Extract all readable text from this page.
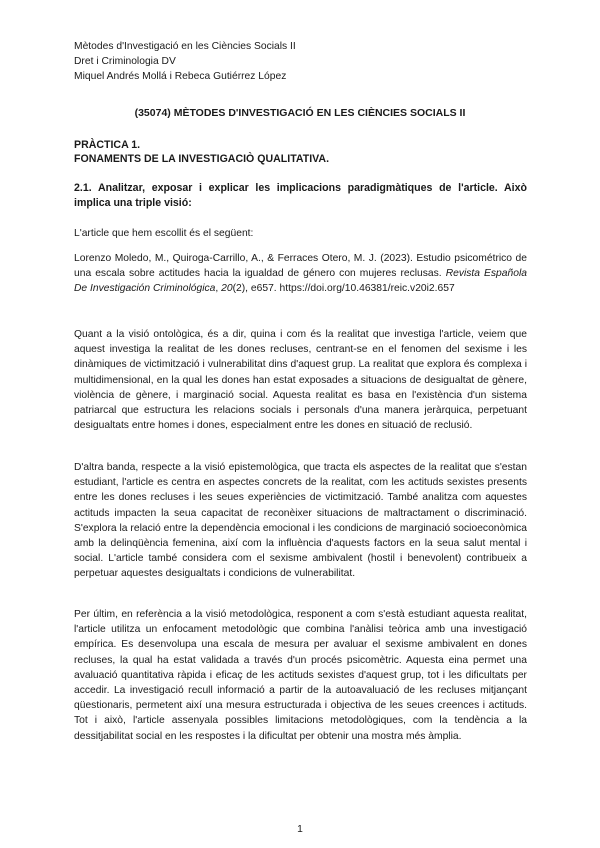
Mètodes d'Investigació en les Ciències Socials II
Dret i Criminologia DV
Miquel Andrés Mollá i Rebeca Gutiérrez López
(35074) MÈTODES D'INVESTIGACIÓ EN LES CIÈNCIES SOCIALS II
PRÀCTICA 1.
FONAMENTS DE LA INVESTIGACIÒ QUALITATIVA.
2.1. Analitzar, exposar i explicar les implicacions paradigmàtiques de l'article. Això implica una triple visió:
L'article que hem escollit és el següent:
Lorenzo Moledo, M., Quiroga-Carrillo, A., & Ferraces Otero, M. J. (2023). Estudio psicométrico de una escala sobre actitudes hacia la igualdad de género con mujeres reclusas. Revista Española De Investigación Criminológica, 20(2), e657. https://doi.org/10.46381/reic.v20i2.657
Quant a la visió ontològica, és a dir, quina i com és la realitat que investiga l'article, veiem que aquest investiga la realitat de les dones recluses, centrant-se en el fenomen del sexisme i les dinàmiques de victimització i vulnerabilitat dins d'aquest grup. La realitat que explora és complexa i multidimensional, en la qual les dones han estat exposades a situacions de desigualtat de gènere, violència de gènere, i marginació social. Aquesta realitat es basa en l'existència d'un sistema patriarcal que estructura les relacions socials i personals d'una manera jeràrquica, perpetuant desigualtats entre homes i dones, especialment entre les dones en situació de reclusió.
D'altra banda, respecte a la visió epistemològica, que tracta els aspectes de la realitat que s'estan estudiant, l'article es centra en aspectes concrets de la realitat, com les actituds sexistes presents entre les dones recluses i les seues experiències de victimització. També analitza com aquestes actituds impacten la seua capacitat de reconèixer situacions de maltractament o discriminació. S'explora la relació entre la dependència emocional i les condicions de marginació socioeconòmica amb la delinqüència femenina, així com la influència d'aquests factors en la seua salut mental i social. L'article també considera com el sexisme ambivalent (hostil i benevolent) contribueix a perpetuar aquestes desigualtats i condicions de vulnerabilitat.
Per últim, en referència a la visió metodològica, responent a com s'està estudiant aquesta realitat, l'article utilitza un enfocament metodològic que combina l'anàlisi teòrica amb una investigació empírica. Es desenvolupa una escala de mesura per avaluar el sexisme ambivalent en dones recluses, la qual ha estat validada a través d'un procés psicomètric. Aquesta eina permet una avaluació quantitativa ràpida i eficaç de les actituds sexistes d'aquest grup, tot i les dificultats per accedir. La investigació recull informació a partir de la autoavaluació de les recluses mitjançant qüestionaris, permetent així una mesura estructurada i objectiva de les seues creences i actituds. Tot i això, l'article assenyala possibles limitacions metodològiques, com la tendència a la dessitjabilitat social en les respostes i la dificultat per obtenir una mostra més àmplia.
1
